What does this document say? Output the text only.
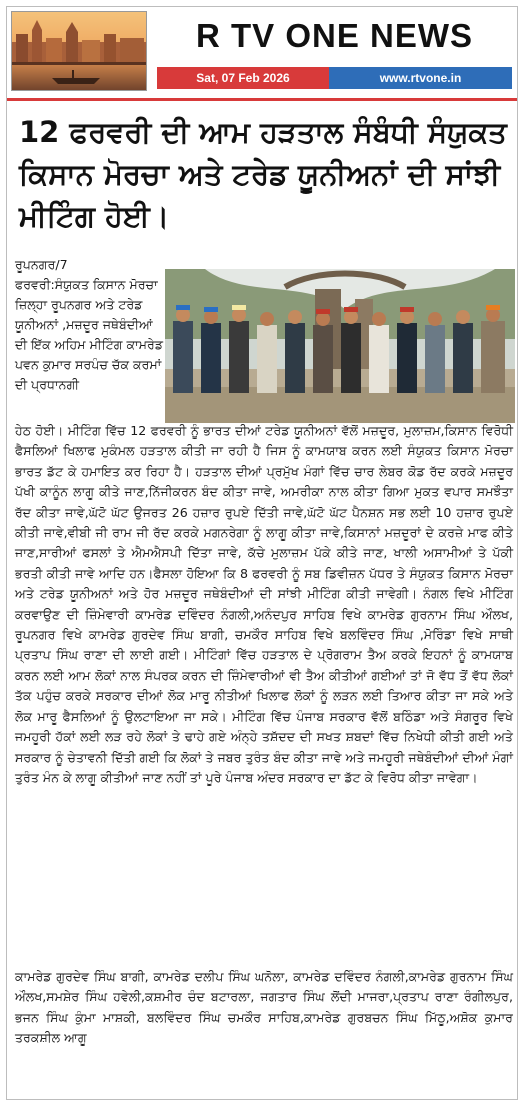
R TV ONE NEWS
Sat, 07 Feb 2026	www.rtvone.in
12 ਫਰਵਰੀ ਦੀ ਆਮ ਹੜਤਾਲ ਸੰਬੰਧੀ ਸੰਯੁਕਤ ਕਿਸਾਨ ਮੋਰਚਾ ਅਤੇ ਟਰੇਡ ਯੂਨੀਅਨਾਂ ਦੀ ਸਾਂਝੀ ਮੀਟਿੰਗ ਹੋਈ।

ਰੂਪਨਗਰ/7

ਫਰਵਰੀ:ਸੰਯੁਕਤ ਕਿਸਾਨ ਮੋਰਚਾ ਜ਼ਿਲ੍ਹਾ ਰੂਪਨਗਰ ਅਤੇ ਟਰੇਡ ਯੂਨੀਅਨਾਂ ,ਮਜ਼ਦੂਰ ਜਥੇਬੰਦੀਆਂ ਦੀ ਇੱਕ ਅਹਿਮ ਮੀਟਿੰਗ ਕਾਮਰੇਡ ਪਵਨ ਕੁਮਾਰ ਸਰਪੰਚ ਚੱਕ ਕਰਮਾਂ ਦੀ ਪ੍ਰਧਾਨਗੀ

ਹੇਠ ਹੋਈ। ਮੀਟਿੰਗ ਵਿੱਚ 12 ਫਰਵਰੀ ਨੂੰ ਭਾਰਤ ਦੀਆਂ ਟਰੇਡ ਯੂਨੀਅਨਾਂ ਵੱਲੋਂ ਮਜ਼ਦੂਰ, ਮੁਲਾਜ਼ਮ,ਕਿਸਾਨ ਵਿਰੋਧੀ ਫੈਸਲਿਆਂ ਖਿਲਾਫ ਮੁਕੰਮਲ ਹੜਤਾਲ ਕੀਤੀ ਜਾ ਰਹੀ ਹੈ ਜਿਸ ਨੂੰ ਕਾਮਯਾਬ ਕਰਨ ਲਈ ਸੰਯੁਕਤ ਕਿਸਾਨ ਮੋਰਚਾ ਭਾਰਤ ਡੱਟ ਕੇ ਹਮਾਇਤ ਕਰ ਰਿਹਾ ਹੈ। ਹੜਤਾਲ ਦੀਆਂ ਪ੍ਰਮੁੱਖ ਮੰਗਾਂ ਵਿੱਚ ਚਾਰ ਲੇਬਰ ਕੋਡ ਰੱਦ ਕਰਕੇ ਮਜ਼ਦੂਰ ਪੱਖੀ ਕਾਨੂੰਨ ਲਾਗੂ ਕੀਤੇ ਜਾਣ,ਨਿੱਜੀਕਰਨ ਬੰਦ ਕੀਤਾ ਜਾਵੇ, ਅਮਰੀਕਾ ਨਾਲ ਕੀਤਾ ਗਿਆ ਮੁਕਤ ਵਪਾਰ ਸਮਝੌਤਾ ਰੱਦ ਕੀਤਾ ਜਾਵੇ,ਘੱਟੋ ਘੱਟ ਉਜਰਤ 26 ਹਜ਼ਾਰ ਰੁਪਏ ਦਿੱਤੀ ਜਾਵੇ,ਘੱਟੋ ਘੱਟ ਪੈਨਸ਼ਨ ਸਭ ਲਈ 10 ਹਜ਼ਾਰ ਰੁਪਏ ਕੀਤੀ ਜਾਵੇ,ਵੀਬੀ ਜੀ ਰਾਮ ਜੀ ਰੱਦ ਕਰਕੇ ਮਗਨਰੇਗਾ ਨੂੰ ਲਾਗੂ ਕੀਤਾ ਜਾਵੇ,ਕਿਸਾਨਾਂ ਮਜ਼ਦੂਰਾਂ ਦੇ ਕਰਜ਼ੇ ਮਾਫ ਕੀਤੇ ਜਾਣ,ਸਾਰੀਆਂ ਫਸਲਾਂ ਤੇ ਐਮਐਸਪੀ ਦਿੱਤਾ ਜਾਵੇ, ਕੱਚੇ ਮੁਲਾਜ਼ਮ ਪੱਕੇ ਕੀਤੇ ਜਾਣ, ਖਾਲੀ ਅਸਾਮੀਆਂ ਤੇ ਪੱਕੀ ਭਰਤੀ ਕੀਤੀ ਜਾਵੇ ਆਦਿ ਹਨ।ਫੈਸਲਾ ਹੋਇਆ ਕਿ 8 ਫਰਵਰੀ ਨੂੰ ਸਬ ਡਿਵੀਜ਼ਨ ਪੱਧਰ ਤੇ ਸੰਯੁਕਤ ਕਿਸਾਨ ਮੋਰਚਾ ਅਤੇ ਟਰੇਡ ਯੂਨੀਅਨਾਂ ਅਤੇ ਹੋਰ ਮਜ਼ਦੂਰ ਜਥੇਬੰਦੀਆਂ ਦੀ ਸਾਂਝੀ ਮੀਟਿੰਗ ਕੀਤੀ ਜਾਵੇਗੀ। ਨੰਗਲ ਵਿਖੇ ਮੀਟਿੰਗ ਕਰਵਾਉਣ ਦੀ ਜ਼ਿੰਮੇਵਾਰੀ ਕਾਮਰੇਡ ਦਵਿੰਦਰ ਨੰਗਲੀ,ਅਨੰਦਪੁਰ ਸਾਹਿਬ ਵਿਖੇ ਕਾਮਰੇਡ ਗੁਰਨਾਮ ਸਿੰਘ ਔਲਖ, ਰੂਪਨਗਰ ਵਿਖੇ ਕਾਮਰੇਡ ਗੁਰਦੇਵ ਸਿੰਘ ਬਾਗੀ, ਚਮਕੌਰ ਸਾਹਿਬ ਵਿਖੇ ਬਲਵਿੰਦਰ ਸਿੰਘ ,ਮੋਰਿੰਡਾ ਵਿਖੇ ਸਾਥੀ ਪ੍ਰਤਾਪ ਸਿੰਘ ਰਾਣਾ ਦੀ ਲਾਈ ਗਈ। ਮੀਟਿੰਗਾਂ ਵਿੱਚ ਹੜਤਾਲ ਦੇ ਪ੍ਰੋਗਰਾਮ ਤੈਅ ਕਰਕੇ ਇਹਨਾਂ ਨੂੰ ਕਾਮਯਾਬ ਕਰਨ ਲਈ ਆਮ ਲੋਕਾਂ ਨਾਲ ਸੰਪਰਕ ਕਰਨ ਦੀ ਜ਼ਿੰਮੇਵਾਰੀਆਂ ਵੀ ਤੈਅ ਕੀਤੀਆਂ ਗਈਆਂ ਤਾਂ ਜੋ ਵੱਧ ਤੋਂ ਵੱਧ ਲੋਕਾਂ ਤੱਕ ਪਹੁੰਚ ਕਰਕੇ ਸਰਕਾਰ ਦੀਆਂ ਲੋਕ ਮਾਰੂ ਨੀਤੀਆਂ ਖਿਲਾਫ ਲੋਕਾਂ ਨੂੰ ਲੜਨ ਲਈ ਤਿਆਰ ਕੀਤਾ ਜਾ ਸਕੇ ਅਤੇ ਲੋਕ ਮਾਰੂ ਫੈਸਲਿਆਂ ਨੂੰ ਉਲਟਾਇਆ ਜਾ ਸਕੇ। ਮੀਟਿੰਗ ਵਿੱਚ ਪੰਜਾਬ ਸਰਕਾਰ ਵੱਲੋਂ ਬਠਿੰਡਾ ਅਤੇ ਸੰਗਰੂਰ ਵਿਖੇ ਜਮਹੂਰੀ ਹੱਕਾਂ ਲਈ ਲੜ ਰਹੇ ਲੋਕਾਂ ਤੇ ਢਾਹੇ ਗਏ ਅੰਨ੍ਹੇ ਤਸ਼ੱਦਦ ਦੀ ਸਖਤ ਸ਼ਬਦਾਂ ਵਿੱਚ ਨਿਖੇਧੀ ਕੀਤੀ ਗਈ ਅਤੇ ਸਰਕਾਰ ਨੂੰ ਚੇਤਾਵਨੀ ਦਿੱਤੀ ਗਈ ਕਿ ਲੋਕਾਂ ਤੇ ਜਬਰ ਤੁਰੰਤ ਬੰਦ ਕੀਤਾ ਜਾਵੇ ਅਤੇ ਜਮਹੂਰੀ ਜਥੇਬੰਦੀਆਂ ਦੀਆਂ ਮੰਗਾਂ ਤੁਰੰਤ ਮੰਨ ਕੇ ਲਾਗੂ ਕੀਤੀਆਂ ਜਾਣ ਨਹੀਂ ਤਾਂ ਪੂਰੇ ਪੰਜਾਬ ਅੰਦਰ ਸਰਕਾਰ ਦਾ ਡੱਟ ਕੇ ਵਿਰੋਧ ਕੀਤਾ ਜਾਵੇਗਾ।
ਕਾਮਰੇਡ ਗੁਰਦੇਵ ਸਿੰਘ ਬਾਗੀ, ਕਾਮਰੇਡ ਦਲੀਪ ਸਿੰਘ ਘਨੋਲਾ, ਕਾਮਰੇਡ ਦਵਿੰਦਰ ਨੰਗਲੀ,ਕਾਮਰੇਡ ਗੁਰਨਾਮ ਸਿੰਘ ਔਲਖ,ਸਮਸ਼ੇਰ ਸਿੰਘ ਹਵੇਲੀ,ਕਸ਼ਮੀਰ ਚੰਦ ਬਟਾਰਲਾ, ਜਗਤਾਰ ਸਿੰਘ ਲੋਂਦੀ ਮਾਜਰਾ,ਪ੍ਰਤਾਪ ਰਾਣਾ ਰੰਗੀਲਪੁਰ, ਭਜਨ ਸਿੰਘ ਕੁੰਮਾ ਮਾਸ਼ਕੀ, ਬਲਵਿੰਦਰ ਸਿੰਘ ਚਮਕੌਰ ਸਾਹਿਬ,ਕਾਮਰੇਡ ਗੁਰਬਚਨ ਸਿੰਘ ਮਿੱਠੂ,ਅਸ਼ੋਕ ਕੁਮਾਰ ਤਰਕਸ਼ੀਲ ਆਗੂ
